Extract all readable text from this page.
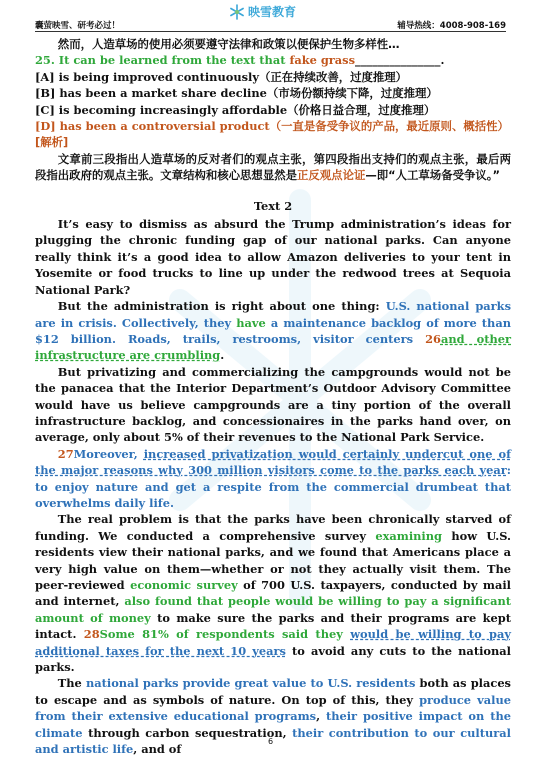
囊萤映雪、研考必过！
映雪教育
辅导热线：4008-908-169

然而，人造草场的使用必须要遵守法律和政策以便保护生物多样性…

25. It can be learned from the text that fake grass_______________.

[A] is being improved continuously（正在持续改善，过度推理）

[B] has been a market share decline（市场份额持续下降，过度推理）

[C] is becoming increasingly affordable（价格日益合理，过度推理）

[D] has been a controversial product（一直是备受争议的产品，最近原则、概括性）

[解析]

文章前三段指出人造草场的反对者们的观点主张，第四段指出支持们的观点主张，最后两段指出政府的观点主张。文章结构和核心思想显然是正反观点论证—即“人工草场备受争议。”

Text 2

It’s easy to dismiss as absurd the Trump administration’s ideas for plugging the chronic funding gap of our national parks. Can anyone really think it’s a good idea to allow Amazon deliveries to your tent in Yosemite or food trucks to line up under the redwood trees at Sequoia National Park?

But the administration is right about one thing: U.S. national parks are in crisis. Collectively, they have a maintenance backlog of more than $12 billion. Roads, trails, restrooms, visitor centers 26and other infrastructure are crumbling.

But privatizing and commercializing the campgrounds would not be the panacea that the Interior Department’s Outdoor Advisory Committee would have us believe campgrounds are a tiny portion of the overall infrastructure backlog, and concessionaires in the parks hand over, on average, only about 5% of their revenues to the National Park Service.

27Moreover, increased privatization would certainly undercut one of the major reasons why 300 million visitors come to the parks each year: to enjoy nature and get a respite from the commercial drumbeat that overwhelms daily life.

The real problem is that the parks have been chronically starved of funding. We conducted a comprehensive survey examining how U.S. residents view their national parks, and we found that Americans place a very high value on them—whether or not they actually visit them. The peer-reviewed economic survey of 700 U.S. taxpayers, conducted by mail and internet, also found that people would be willing to pay a significant amount of money to make sure the parks and their programs are kept intact. 28Some 81% of respondents said they would be willing to pay additional taxes for the next 10 years to avoid any cuts to the national parks.

The national parks provide great value to U.S. residents both as places to escape and as symbols of nature. On top of this, they produce value from their extensive educational programs, their positive impact on the climate through carbon sequestration, their contribution to our cultural and artistic life, and of

6
